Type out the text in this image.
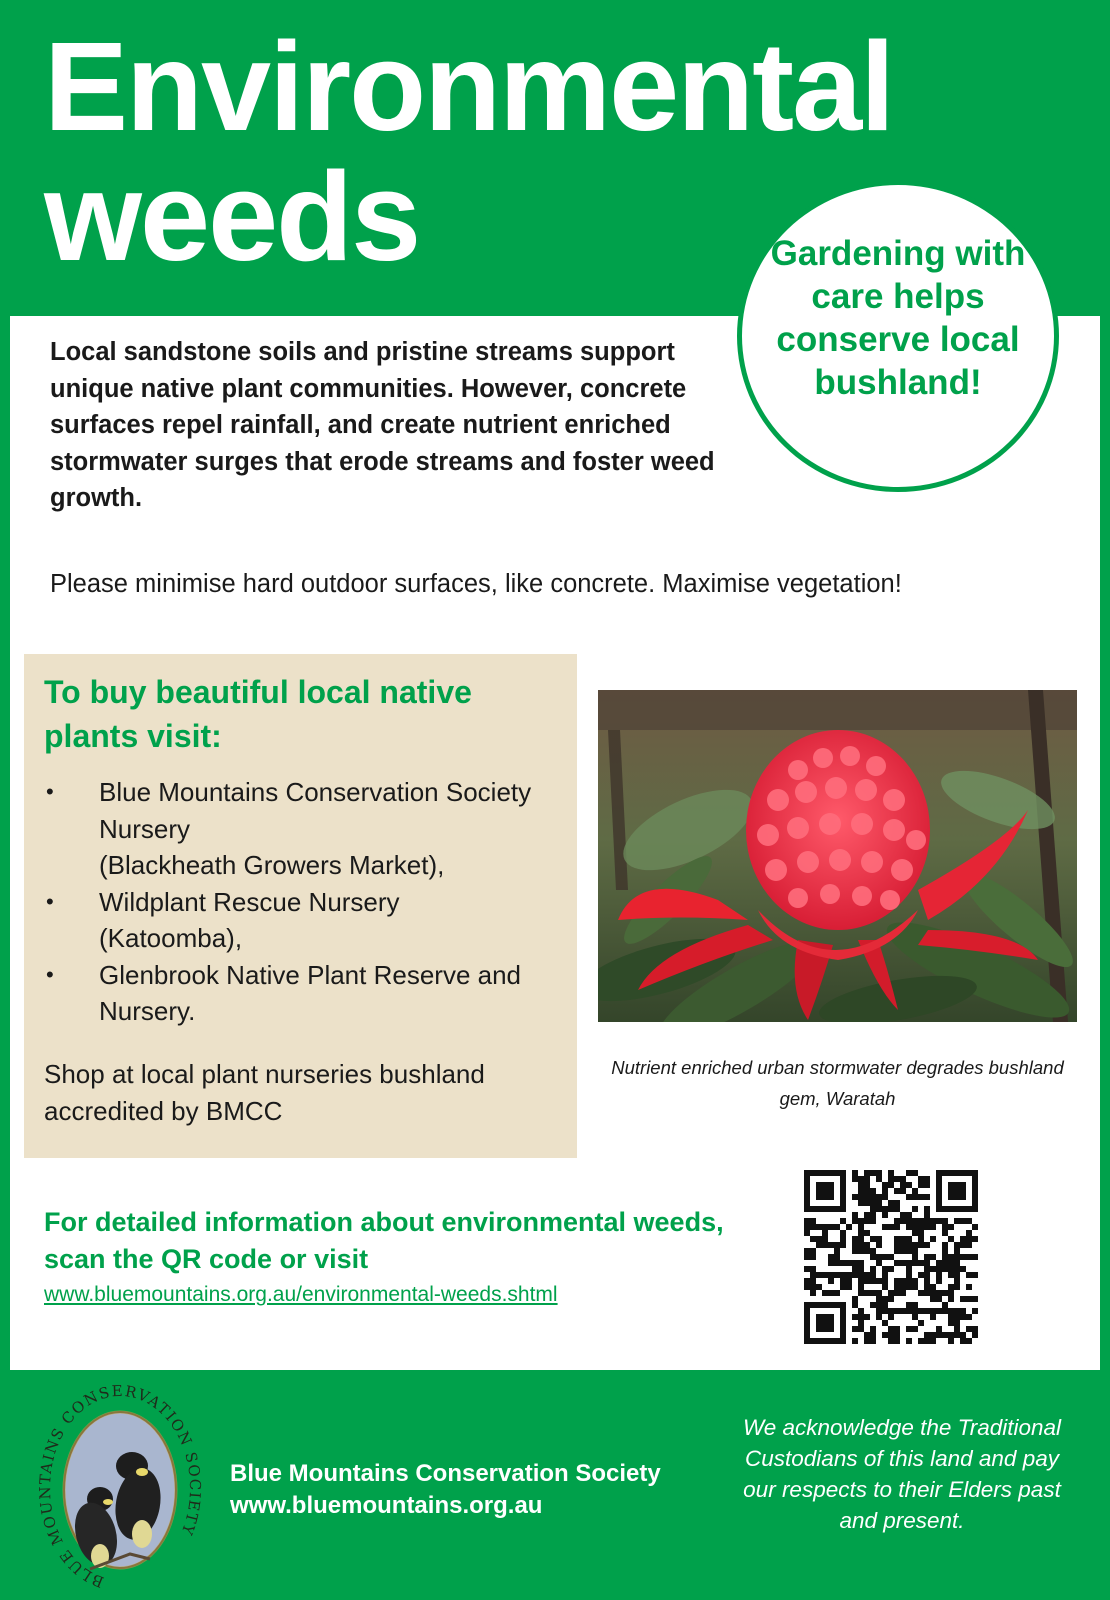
Environmental
weeds	Gardening with care helps conserve local bushland!

Local sandstone soils and pristine streams support unique native plant communities. However, concrete surfaces repel rainfall, and create nutrient enriched stormwater surges that erode streams and foster weed growth.

Please minimise hard outdoor surfaces, like concrete. Maximise vegetation!

To buy beautiful local native plants visit:
• Blue Mountains Conservation Society Nursery
(Blackheath Growers Market),
• Wildplant Rescue Nursery
(Katoomba),
• Glenbrook Native Plant Reserve and Nursery.

Shop at local plant nurseries bushland accredited by BMCC

Nutrient enriched urban stormwater degrades bushland gem, Waratah

For detailed information about environmental weeds, scan the QR code or visit

www.bluemountains.org.au/environmental-weeds.shtml
BLUE MOUNTAINS CONSERVATION SOCIETY
Blue Mountains Conservation Society
www.bluemountains.org.au

We acknowledge the Traditional Custodians of this land and pay our respects to their Elders past and present.
